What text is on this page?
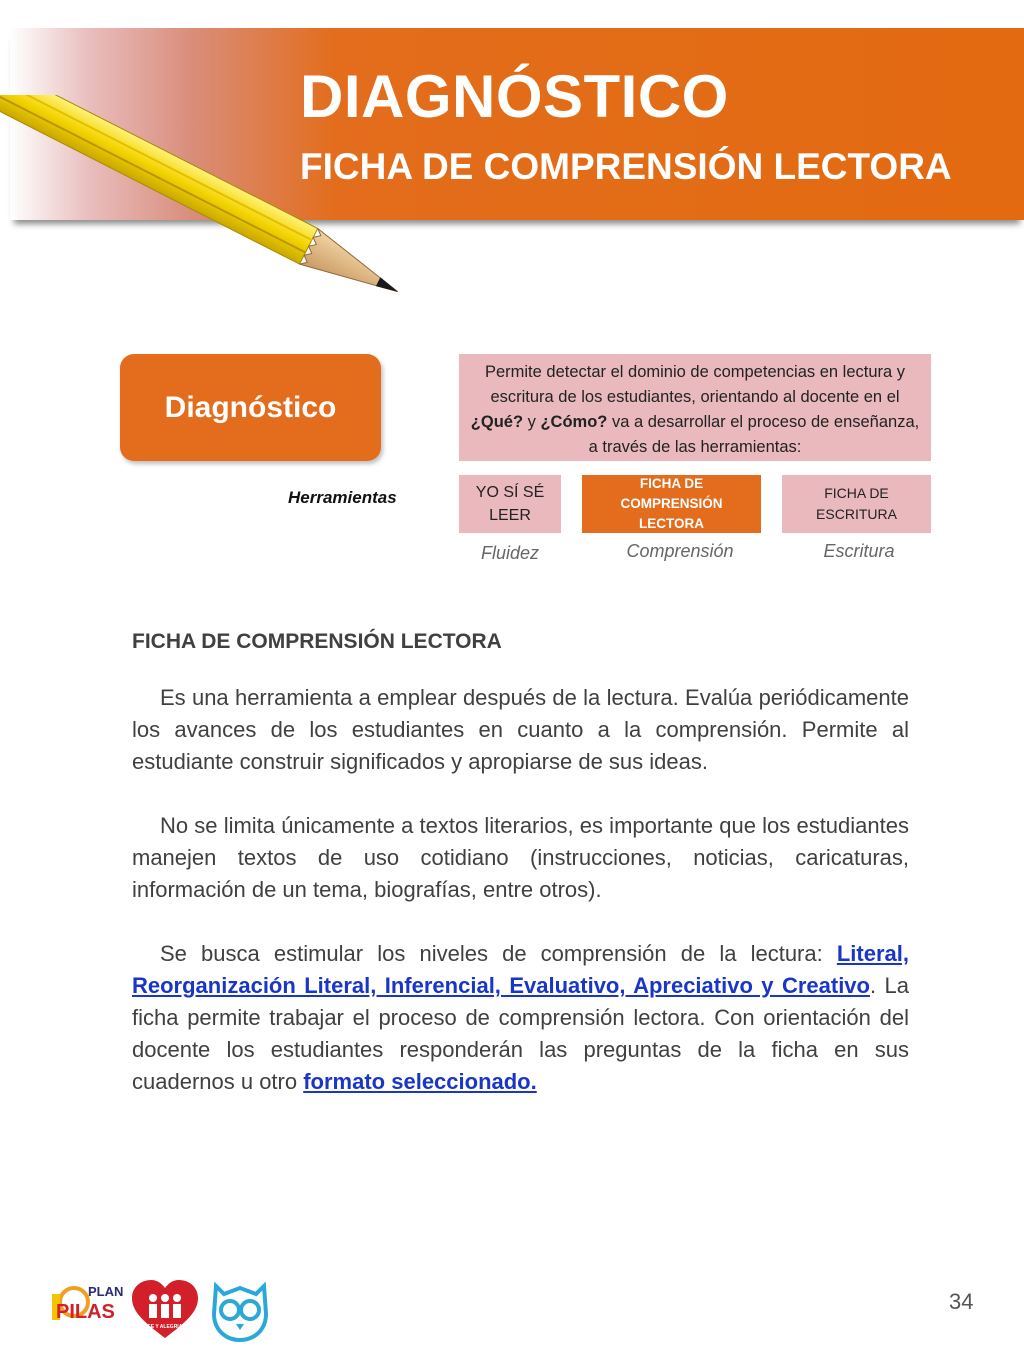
DIAGNÓSTICO
FICHA DE COMPRENSIÓN LECTORA
Diagnóstico
Permite detectar el dominio de competencias en lectura y escritura de los estudiantes, orientando al docente en el ¿Qué? y ¿Cómo? va a desarrollar el proceso de enseñanza, a través de las herramientas:
Herramientas	YO SÍ SÉ LEER
FICHA DE COMPRENSIÓN LECTORA
FICHA DE ESCRITURA
Fluidez	Comprensión	Escritura
FICHA DE COMPRENSIÓN LECTORA

Es una herramienta a emplear después de la lectura. Evalúa periódicamente los avances de los estudiantes en cuanto a la comprensión. Permite al estudiante construir significados y apropiarse de sus ideas.

No se limita únicamente a textos literarios, es importante que los estudiantes manejen textos de uso cotidiano (instrucciones, noticias, caricaturas, información de un tema, biografías, entre otros).

Se busca estimular los niveles de comprensión de la lectura: Literal, Reorganización Literal, Inferencial, Evaluativo, Apreciativo y Creativo. La ficha permite trabajar el proceso de comprensión lectora. Con orientación del docente los estudiantes responderán las preguntas de la ficha en sus cuadernos u otro formato seleccionado.

PLAN
PILAS
FE Y ALEGRIA
34
